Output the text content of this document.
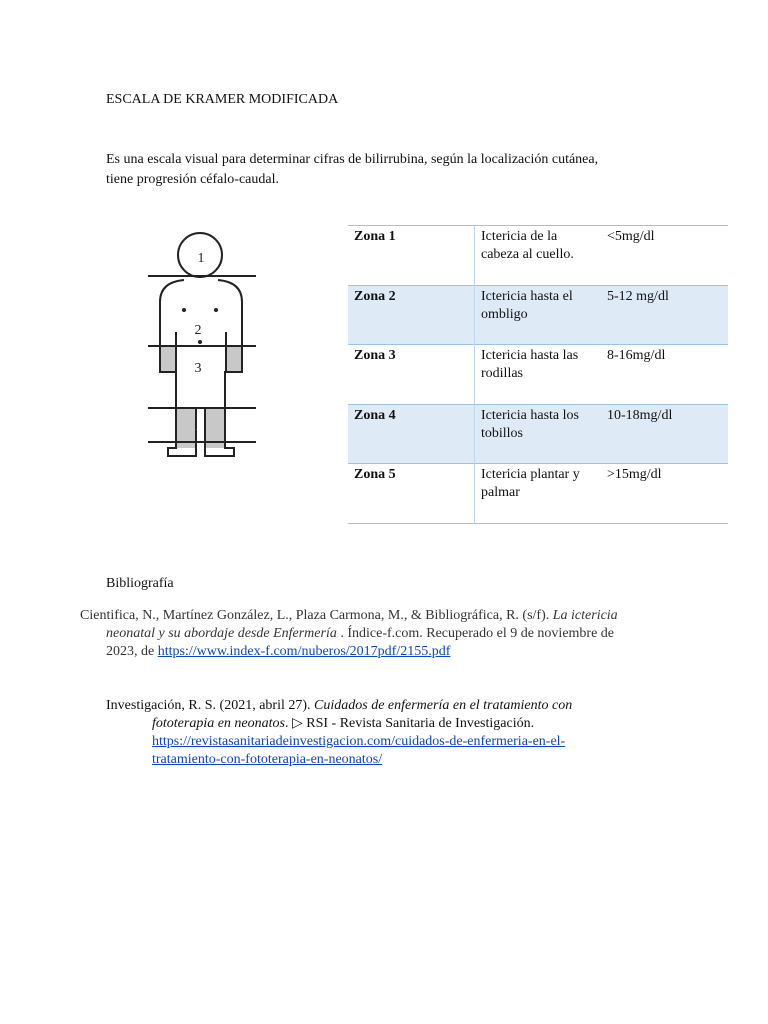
ESCALA DE KRAMER MODIFICADA
Es una escala visual para determinar cifras de bilirrubina, según la localización cutánea,
tiene progresión céfalo-caudal.
1
2
3
4
5
Zona 1	Ictericia de la
cabeza al cuello.	<5mg/dl
Zona 2	Ictericia hasta el
ombligo	5-12 mg/dl
Zona 3	Ictericia hasta las
rodillas	8-16mg/dl
Zona 4	Ictericia hasta los
tobillos	10-18mg/dl
Zona 5	Ictericia plantar y
palmar	>15mg/dl
Bibliografía
Cientifica, N., Martínez González, L., Plaza Carmona, M., & Bibliográfica, R. (s/f). La ictericia
neonatal y su abordaje desde Enfermería . Índice-f.com. Recuperado el 9 de noviembre de
2023, de https://www.index-f.com/nuberos/2017pdf/2155.pdf
Investigación, R. S. (2021, abril 27). Cuidados de enfermería en el tratamiento con
fototerapia en neonatos. ▷ RSI - Revista Sanitaria de Investigación.
https://revistasanitariadeinvestigacion.com/cuidados-de-enfermeria-en-el-
tratamiento-con-fototerapia-en-neonatos/
